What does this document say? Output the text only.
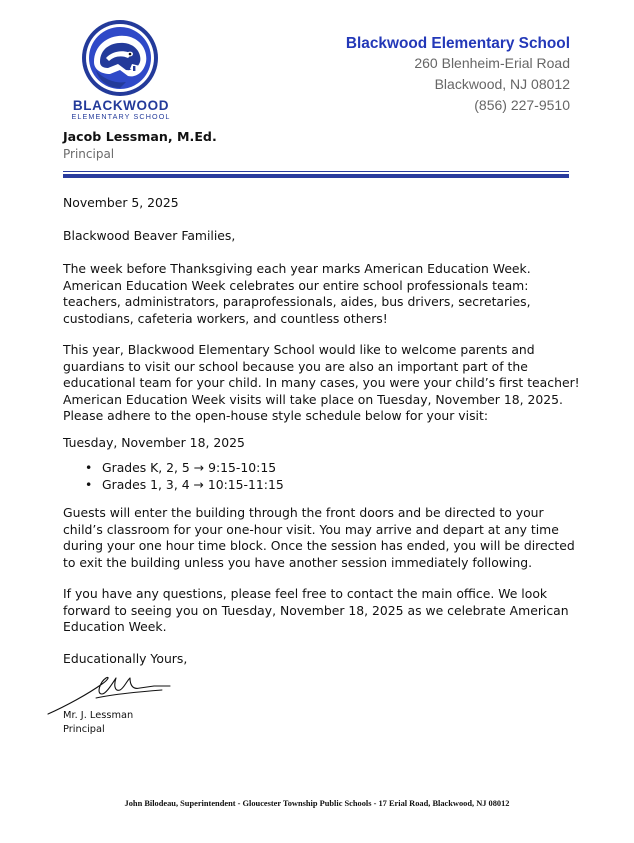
BLACKWOOD
ELEMENTARY SCHOOL
Jacob Lessman, M.Ed.
Principal
Blackwood Elementary School
260 Blenheim-Erial Road
Blackwood, NJ 08012
(856) 227-9510
November 5, 2025
Blackwood Beaver Families,
The week before Thanksgiving each year marks American Education Week. American Education Week celebrates our entire school professionals team: teachers, administrators, paraprofessionals, aides, bus drivers, secretaries, custodians, cafeteria workers, and countless others!
This year, Blackwood Elementary School would like to welcome parents and guardians to visit our school because you are also an important part of the educational team for your child. In many cases, you were your child’s first teacher! American Education Week visits will take place on Tuesday, November 18, 2025. Please adhere to the open-house style schedule below for your visit:
Tuesday, November 18, 2025
• Grades K, 2, 5 → 9:15-10:15
• Grades 1, 3, 4 → 10:15-11:15
Guests will enter the building through the front doors and be directed to your child’s classroom for your one-hour visit. You may arrive and depart at any time during your one hour time block. Once the session has ended, you will be directed to exit the building unless you have another session immediately following.
If you have any questions, please feel free to contact the main office. We look forward to seeing you on Tuesday, November 18, 2025 as we celebrate American Education Week.
Educationally Yours,
Mr. J. Lessman
Principal
John Bilodeau, Superintendent - Gloucester Township Public Schools - 17 Erial Road, Blackwood, NJ 08012
